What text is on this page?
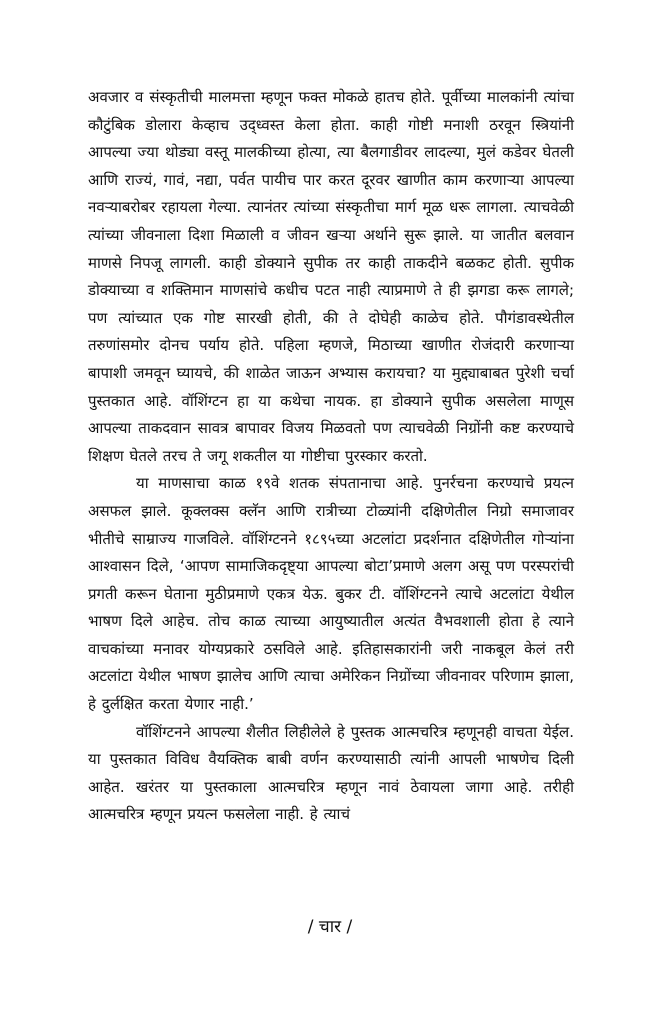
अवजार व संस्कृतीची मालमत्ता म्हणून फक्त मोकळे हातच होते. पूर्वीच्या मालकांनी त्यांचा कौटुंबिक डोलारा केव्हाच उद्ध्वस्त केला होता. काही गोष्टी मनाशी ठरवून स्त्रियांनी आपल्या ज्या थोड्या वस्तू मालकीच्या होत्या, त्या बैलगाडीवर लादल्या, मुलं कडेवर घेतली आणि राज्यं, गावं, नद्या, पर्वत पायीच पार करत दूरवर खाणीत काम करणाऱ्या आपल्या नवऱ्याबरोबर रहायला गेल्या. त्यानंतर त्यांच्या संस्कृतीचा मार्ग मूळ धरू लागला. त्याचवेळी त्यांच्या जीवनाला दिशा मिळाली व जीवन खऱ्या अर्थाने सुरू झाले. या जातीत बलवान माणसे निपजू लागली. काही डोक्याने सुपीक तर काही ताकदीने बळकट होती. सुपीक डोक्याच्या व शक्तिमान माणसांचे कधीच पटत नाही त्याप्रमाणे ते ही झगडा करू लागले; पण त्यांच्यात एक गोष्ट सारखी होती, की ते दोघेही काळेच होते. पौगंडावस्थेतील तरुणांसमोर दोनच पर्याय होते. पहिला म्हणजे, मिठाच्या खाणीत रोजंदारी करणाऱ्या बापाशी जमवून घ्यायचे, की शाळेत जाऊन अभ्यास करायचा? या मुद्द्याबाबत पुरेशी चर्चा पुस्तकात आहे. वॉशिंग्टन हा या कथेचा नायक. हा डोक्याने सुपीक असलेला माणूस आपल्या ताकदवान सावत्र बापावर विजय मिळवतो पण त्याचवेळी निग्रोंनी कष्ट करण्याचे शिक्षण घेतले तरच ते जगू शकतील या गोष्टीचा पुरस्कार करतो.

या माणसाचा काळ १९वे शतक संपतानाचा आहे. पुनर्रचना करण्याचे प्रयत्न असफल झाले. कूक्लक्स क्लॅन आणि रात्रीच्या टोळ्यांनी दक्षिणेतील निग्रो समाजावर भीतीचे साम्राज्य गाजविले. वॉशिंग्टनने १८९५च्या अटलांटा प्रदर्शनात दक्षिणेतील गोऱ्यांना आश्वासन दिले, ‘आपण सामाजिकदृष्ट्या आपल्या बोटा’प्रमाणे अलग असू पण परस्परांची प्रगती करून घेताना मुठीप्रमाणे एकत्र येऊ. बुकर टी. वॉशिंग्टनने त्याचे अटलांटा येथील भाषण दिले आहेच. तोच काळ त्याच्या आयुष्यातील अत्यंत वैभवशाली होता हे त्याने वाचकांच्या मनावर योग्यप्रकारे ठसविले आहे. इतिहासकारांनी जरी नाकबूल केलं तरी अटलांटा येथील भाषण झालेच आणि त्याचा अमेरिकन निग्रोंच्या जीवनावर परिणाम झाला, हे दुर्लक्षित करता येणार नाही.’

वॉशिंग्टनने आपल्या शैलीत लिहीलेले हे पुस्तक आत्मचरित्र म्हणूनही वाचता येईल. या पुस्तकात विविध वैयक्तिक बाबी वर्णन करण्यासाठी त्यांनी आपली भाषणेच दिली आहेत. खरंतर या पुस्तकाला आत्मचरित्र म्हणून नावं ठेवायला जागा आहे. तरीही आत्मचरित्र म्हणून प्रयत्न फसलेला नाही. हे त्याचं

/ चार /
